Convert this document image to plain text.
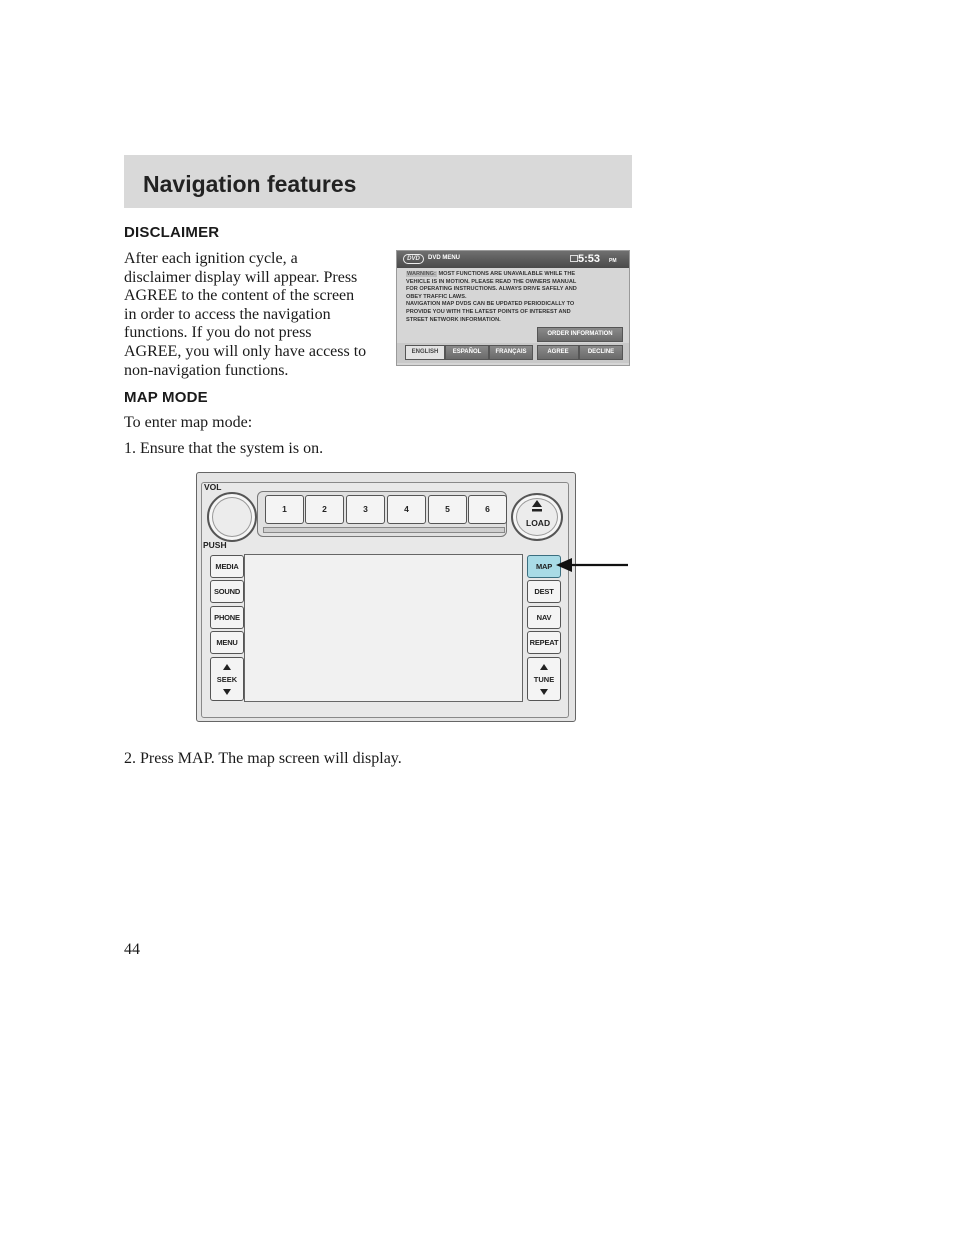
Navigation features
DISCLAIMER
After each ignition cycle, a
disclaimer display will appear. Press
AGREE to the content of the screen
in order to access the navigation
functions. If you do not press
AGREE, you will only have access to
non-navigation functions.
DVD	DVD MENU	5:53 PM
WARNING: MOST FUNCTIONS ARE UNAVAILABLE WHILE THE
VEHICLE IS IN MOTION. PLEASE READ THE OWNERS MANUAL
FOR OPERATING INSTRUCTIONS. ALWAYS DRIVE SAFELY AND
OBEY TRAFFIC LAWS.
NAVIGATION MAP DVDS CAN BE UPDATED PERIODICALLY TO
PROVIDE YOU WITH THE LATEST POINTS OF INTEREST AND
STREET NETWORK INFORMATION.
ORDER INFORMATION
ENGLISH	ESPAÑOL	FRANÇAIS	AGREE	DECLINE
MAP MODE
To enter map mode:
1. Ensure that the system is on.
VOL
PUSH
1	2	3	4	5	6
LOAD
MEDIA
SOUND
PHONE
MENU
SEEK
MAP
DEST
NAV
REPEAT
TUNE
2. Press MAP. The map screen will display.
44
